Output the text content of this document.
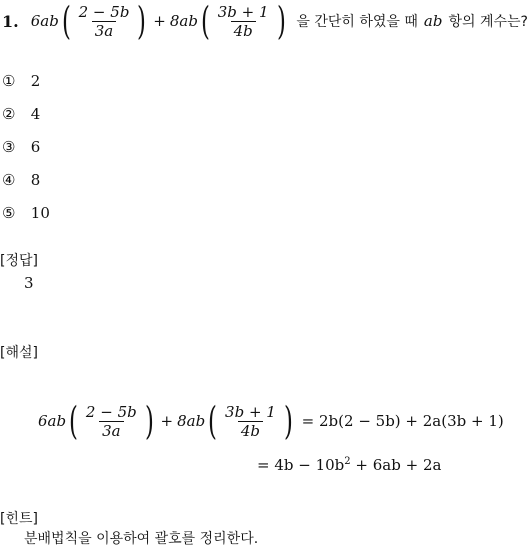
1. 6ab ( $\frac{2 - 5b}{3a}$ ) + 8ab ( $\frac{3b + 1}{4b}$ ) 을 간단히 하였을 때 ab 항의 계수는?
① 2
② 4
③ 6
④ 8
⑤ 10
[정답]
3
[해설]
6ab ( $\frac{2 - 5b}{3a}$ ) + 8ab ( $\frac{3b + 1}{4b}$ ) = 2b(2 − 5b) + 2a(3b + 1)
= $4b - 10b^2 + 6ab + 2a$
[힌트]
분배법칙을 이용하여 괄호를 정리한다.
